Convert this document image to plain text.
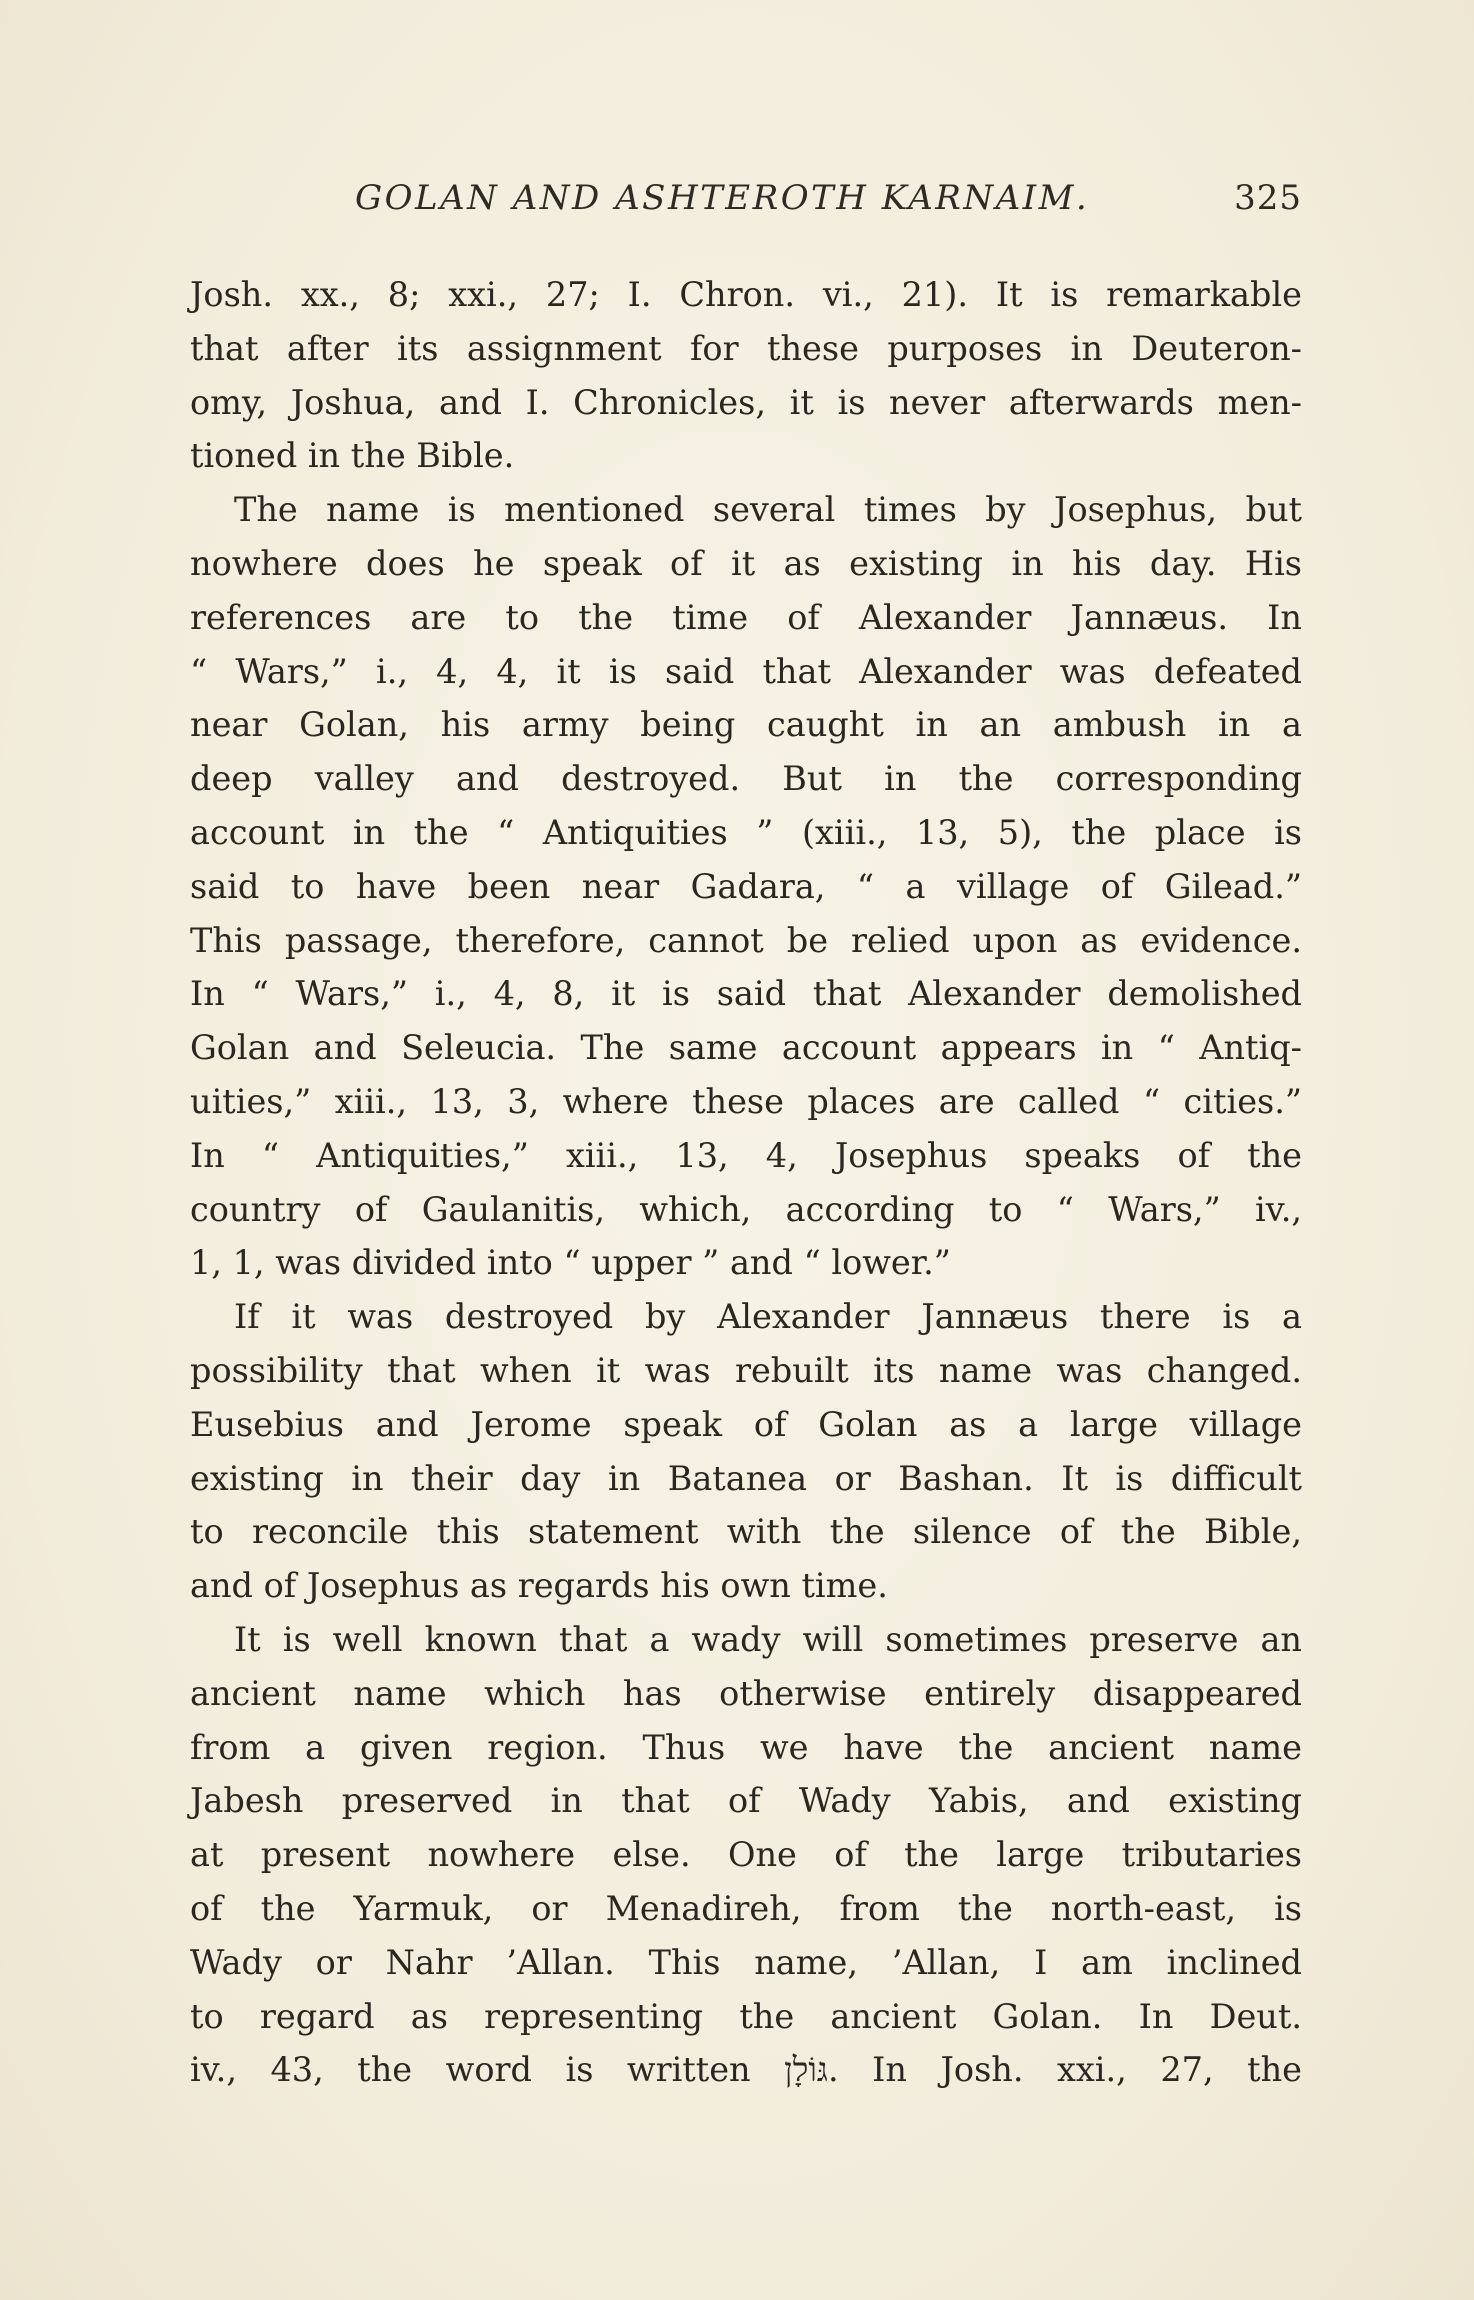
GOLAN AND ASHTEROTH KARNAIM.	325
Josh. xx., 8; xxi., 27; I. Chron. vi., 21). It is remarkable
that after its assignment for these purposes in Deuteron-
omy, Joshua, and I. Chronicles, it is never afterwards men-
tioned in the Bible.
The name is mentioned several times by Josephus, but
nowhere does he speak of it as existing in his day. His
references are to the time of Alexander Jannæus. In
“ Wars,” i., 4, 4, it is said that Alexander was defeated
near Golan, his army being caught in an ambush in a
deep valley and destroyed. But in the corresponding
account in the “ Antiquities ” (xiii., 13, 5), the place is
said to have been near Gadara, “ a village of Gilead.”
This passage, therefore, cannot be relied upon as evidence.
In “ Wars,” i., 4, 8, it is said that Alexander demolished
Golan and Seleucia. The same account appears in “ Antiq-
uities,” xiii., 13, 3, where these places are called “ cities.”
In “ Antiquities,” xiii., 13, 4, Josephus speaks of the
country of Gaulanitis, which, according to “ Wars,” iv.,
1, 1, was divided into “ upper ” and “ lower.”
If it was destroyed by Alexander Jannæus there is a
possibility that when it was rebuilt its name was changed.
Eusebius and Jerome speak of Golan as a large village
existing in their day in Batanea or Bashan. It is difficult
to reconcile this statement with the silence of the Bible,
and of Josephus as regards his own time.
It is well known that a wady will sometimes preserve an
ancient name which has otherwise entirely disappeared
from a given region. Thus we have the ancient name
Jabesh preserved in that of Wady Yabis, and existing
at present nowhere else. One of the large tributaries
of the Yarmuk, or Menadireh, from the north-east, is
Wady or Nahr ’Allan. This name, ’Allan, I am inclined
to regard as representing the ancient Golan. In Deut.
iv., 43, the word is written גּוֹלָן. In Josh. xxi., 27, the
